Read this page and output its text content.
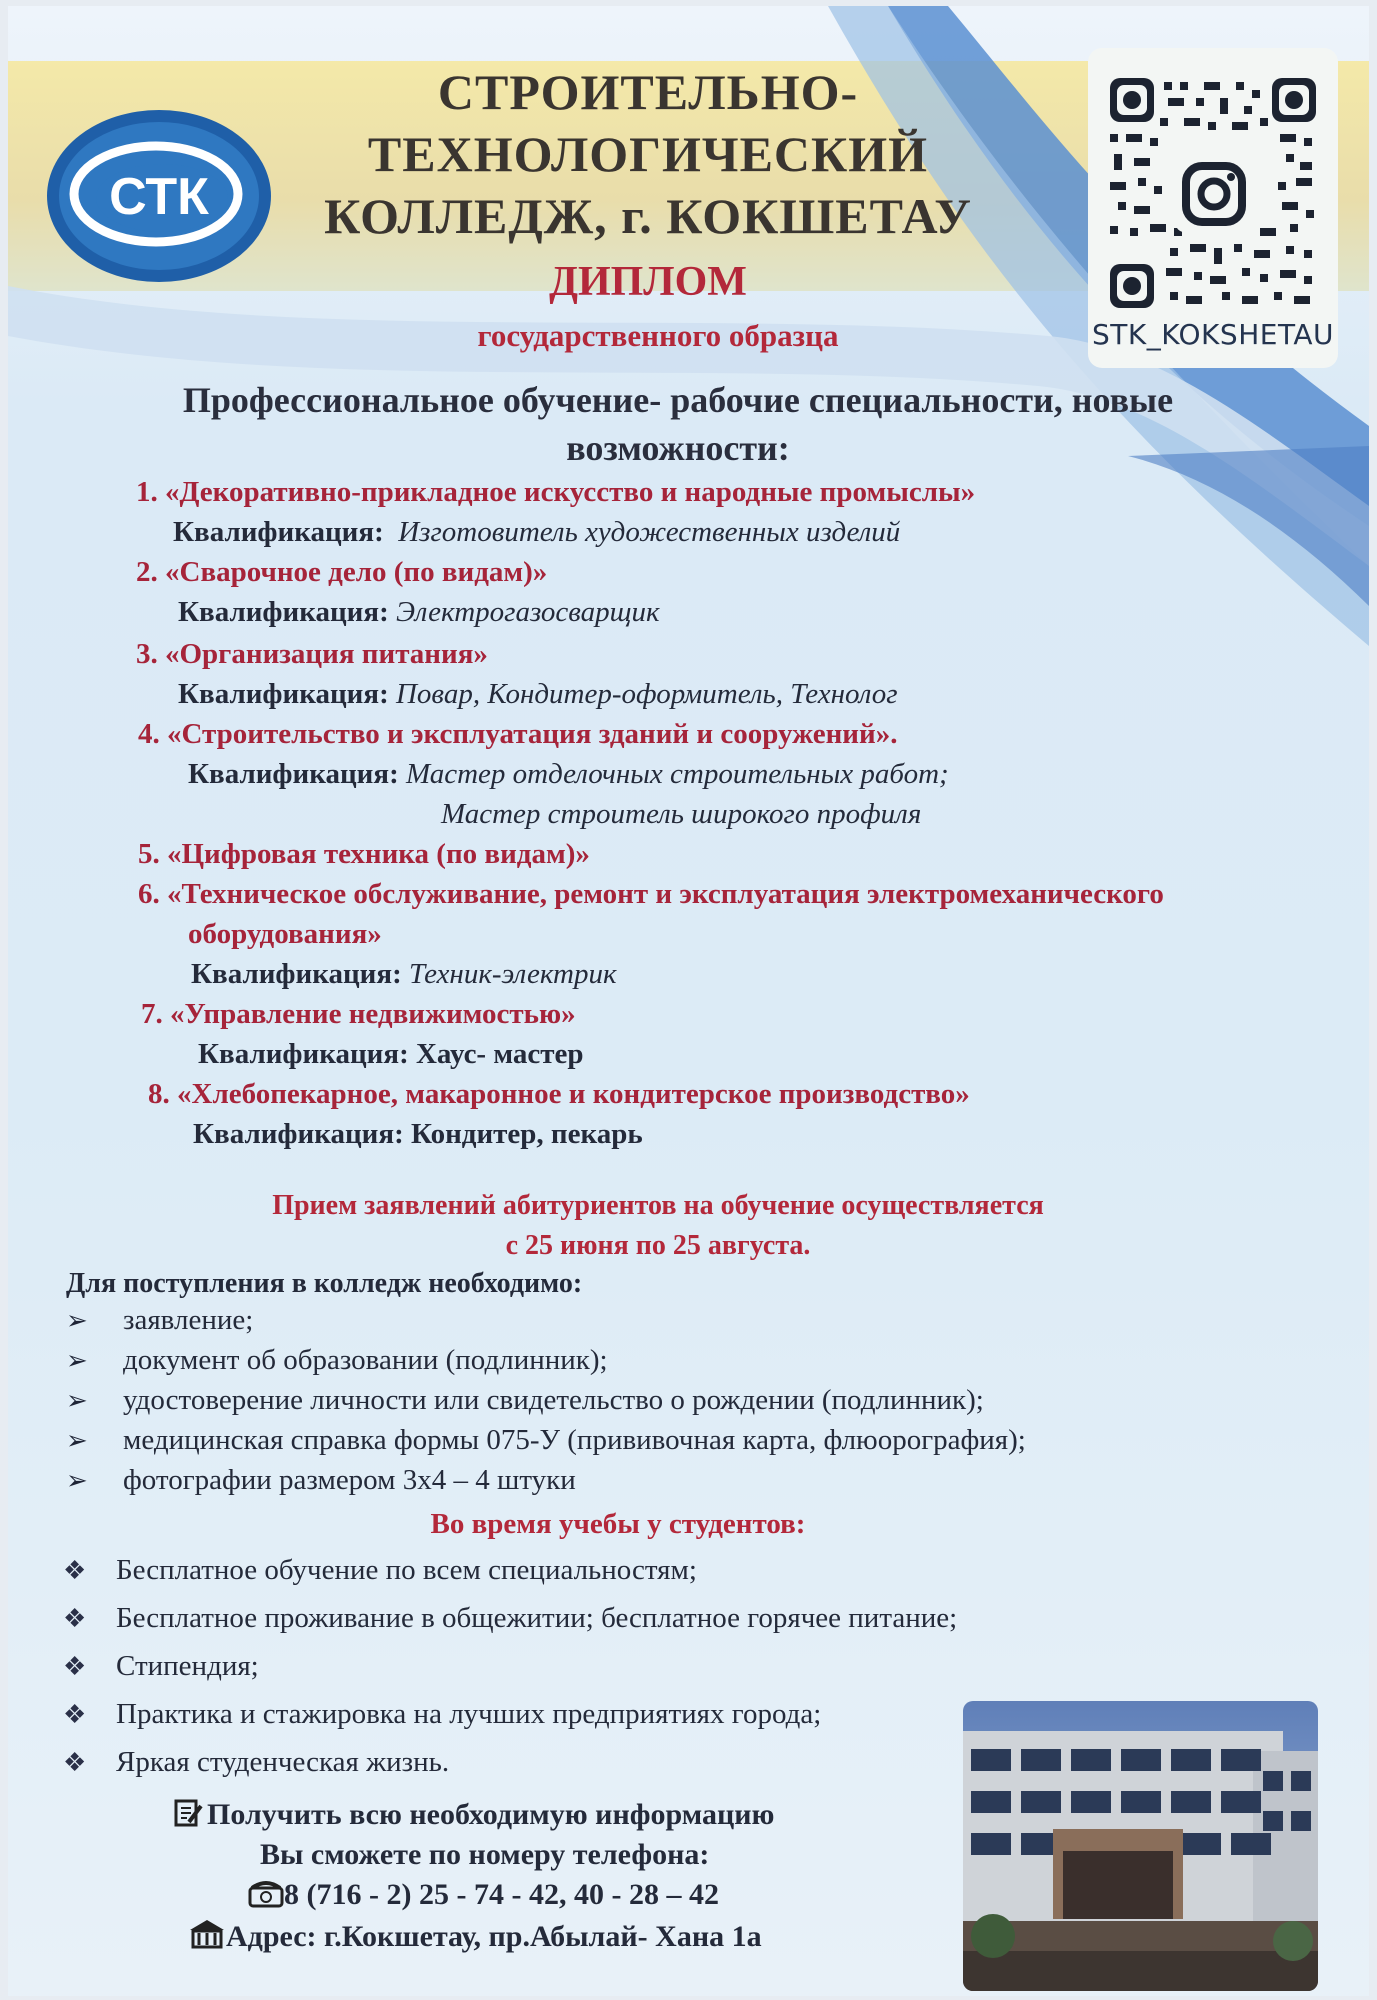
СТК
СТРОИТЕЛЬНО-
ТЕХНОЛОГИЧЕСКИЙ
КОЛЛЕДЖ, г. КОКШЕТАУ
ДИПЛОМ
государственного образца	STK_KOKSHETAU
Профессиональное обучение- рабочие специальности, новые
возможности:
1. «Декоративно-прикладное искусство и народные промыслы»
Квалификация: Изготовитель художественных изделий
2. «Сварочное дело (по видам)»
Квалификация: Электрогазосварщик
3. «Организация питания»
Квалификация: Повар, Кондитер-оформитель, Технолог
4. «Строительство и эксплуатация зданий и сооружений».
Квалификация: Мастер отделочных строительных работ;
Мастер строитель широкого профиля
5. «Цифровая техника (по видам)»
6. «Техническое обслуживание, ремонт и эксплуатация электромеханического
оборудования»
Квалификация: Техник-электрик
7. «Управление недвижимостью»
Квалификация: Хаус- мастер
8. «Хлебопекарное, макаронное и кондитерское производство»
Квалификация: Кондитер, пекарь
Прием заявлений абитуриентов на обучение осуществляется
с 25 июня по 25 августа.
Для поступления в колледж необходимо:
➢ заявление;
➢ документ об образовании (подлинник);
➢ удостоверение личности или свидетельство о рождении (подлинник);
➢ медицинская справка формы 075-У (прививочная карта, флюорография);
➢ фотографии размером 3х4 – 4 штуки
Во время учебы у студентов:
❖ Бесплатное обучение по всем специальностям;
❖ Бесплатное проживание в общежитии; бесплатное горячее питание;
❖ Стипендия;
❖ Практика и стажировка на лучших предприятиях города;
❖ Яркая студенческая жизнь.
Получить всю необходимую информацию
Вы сможете по номеру телефона:
8 (716 - 2) 25 - 74 - 42, 40 - 28 – 42
Адрес: г.Кокшетау, пр.Абылай- Хана 1а
